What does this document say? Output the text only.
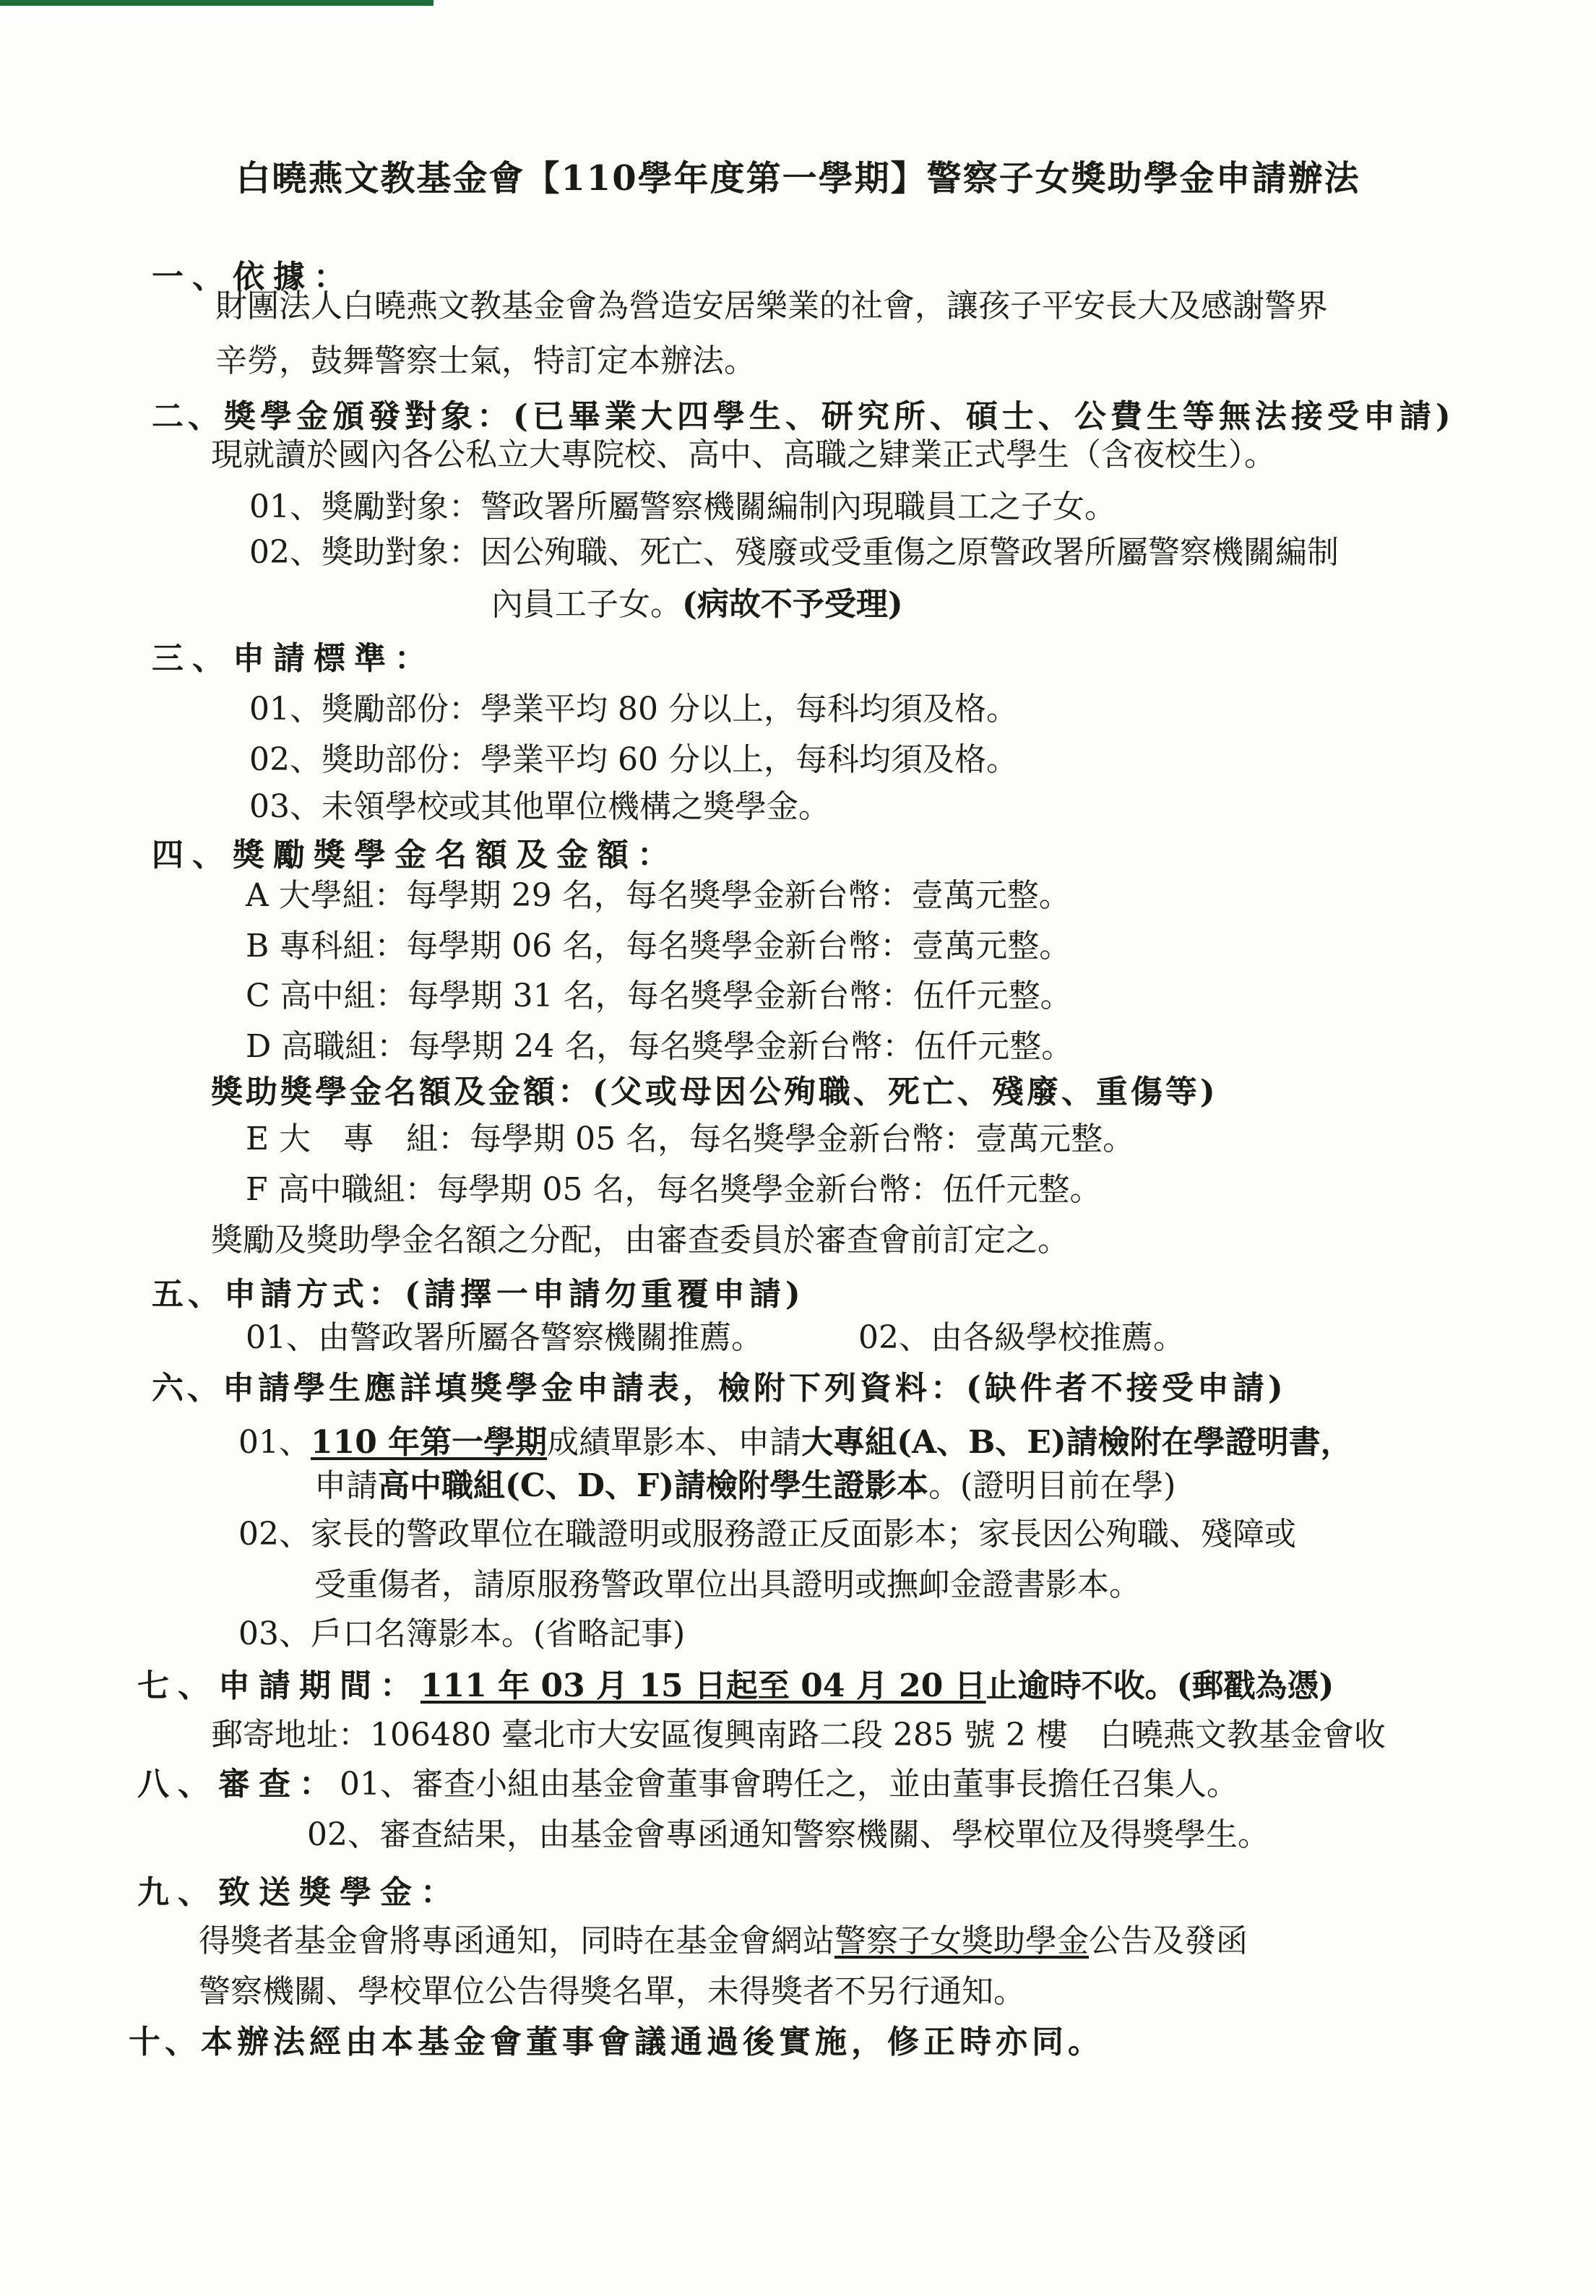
白曉燕文教基金會【110學年度第一學期】警察子女獎助學金申請辦法
一、依據：
財團法人白曉燕文教基金會為營造安居樂業的社會，讓孩子平安長大及感謝警界
辛勞，鼓舞警察士氣，特訂定本辦法。
二、獎學金頒發對象：(已畢業大四學生、研究所、碩士、公費生等無法接受申請)
現就讀於國內各公私立大專院校、高中、高職之肄業正式學生（含夜校生）。
01、獎勵對象：警政署所屬警察機關編制內現職員工之子女。
02、獎助對象：因公殉職、死亡、殘廢或受重傷之原警政署所屬警察機關編制
內員工子女。(病故不予受理)
三、申請標準：
01、獎勵部份：學業平均 80 分以上，每科均須及格。
02、獎助部份：學業平均 60 分以上，每科均須及格。
03、未領學校或其他單位機構之獎學金。
四、獎勵獎學金名額及金額：
A 大學組：每學期 29 名，每名獎學金新台幣：壹萬元整。
B 專科組：每學期 06 名，每名獎學金新台幣：壹萬元整。
C 高中組：每學期 31 名，每名獎學金新台幣：伍仟元整。
D 高職組：每學期 24 名，每名獎學金新台幣：伍仟元整。
獎助獎學金名額及金額：(父或母因公殉職、死亡、殘廢、重傷等)
E 大　專　組：每學期 05 名，每名獎學金新台幣：壹萬元整。
F 高中職組：每學期 05 名，每名獎學金新台幣：伍仟元整。
獎勵及獎助學金名額之分配，由審查委員於審查會前訂定之。
五、申請方式：(請擇一申請勿重覆申請)
01、由警政署所屬各警察機關推薦。	02、由各級學校推薦。
六、申請學生應詳填獎學金申請表，檢附下列資料：(缺件者不接受申請)
01、110 年第一學期成績單影本、申請大專組(A、B、E)請檢附在學證明書，
申請高中職組(C、D、F)請檢附學生證影本。(證明目前在學)
02、家長的警政單位在職證明或服務證正反面影本；家長因公殉職、殘障或
受重傷者，請原服務警政單位出具證明或撫卹金證書影本。
03、戶口名簿影本。(省略記事)
七、申請期間：111 年 03 月 15 日起至 04 月 20 日止逾時不收。(郵戳為憑)
郵寄地址：106480 臺北市大安區復興南路二段 285 號 2 樓　白曉燕文教基金會收
八、審查：01、審查小組由基金會董事會聘任之，並由董事長擔任召集人。
02、審查結果，由基金會專函通知警察機關、學校單位及得獎學生。
九、致送獎學金：
得獎者基金會將專函通知，同時在基金會網站警察子女獎助學金公告及發函
警察機關、學校單位公告得獎名單，未得獎者不另行通知。
十、本辦法經由本基金會董事會議通過後實施，修正時亦同。
